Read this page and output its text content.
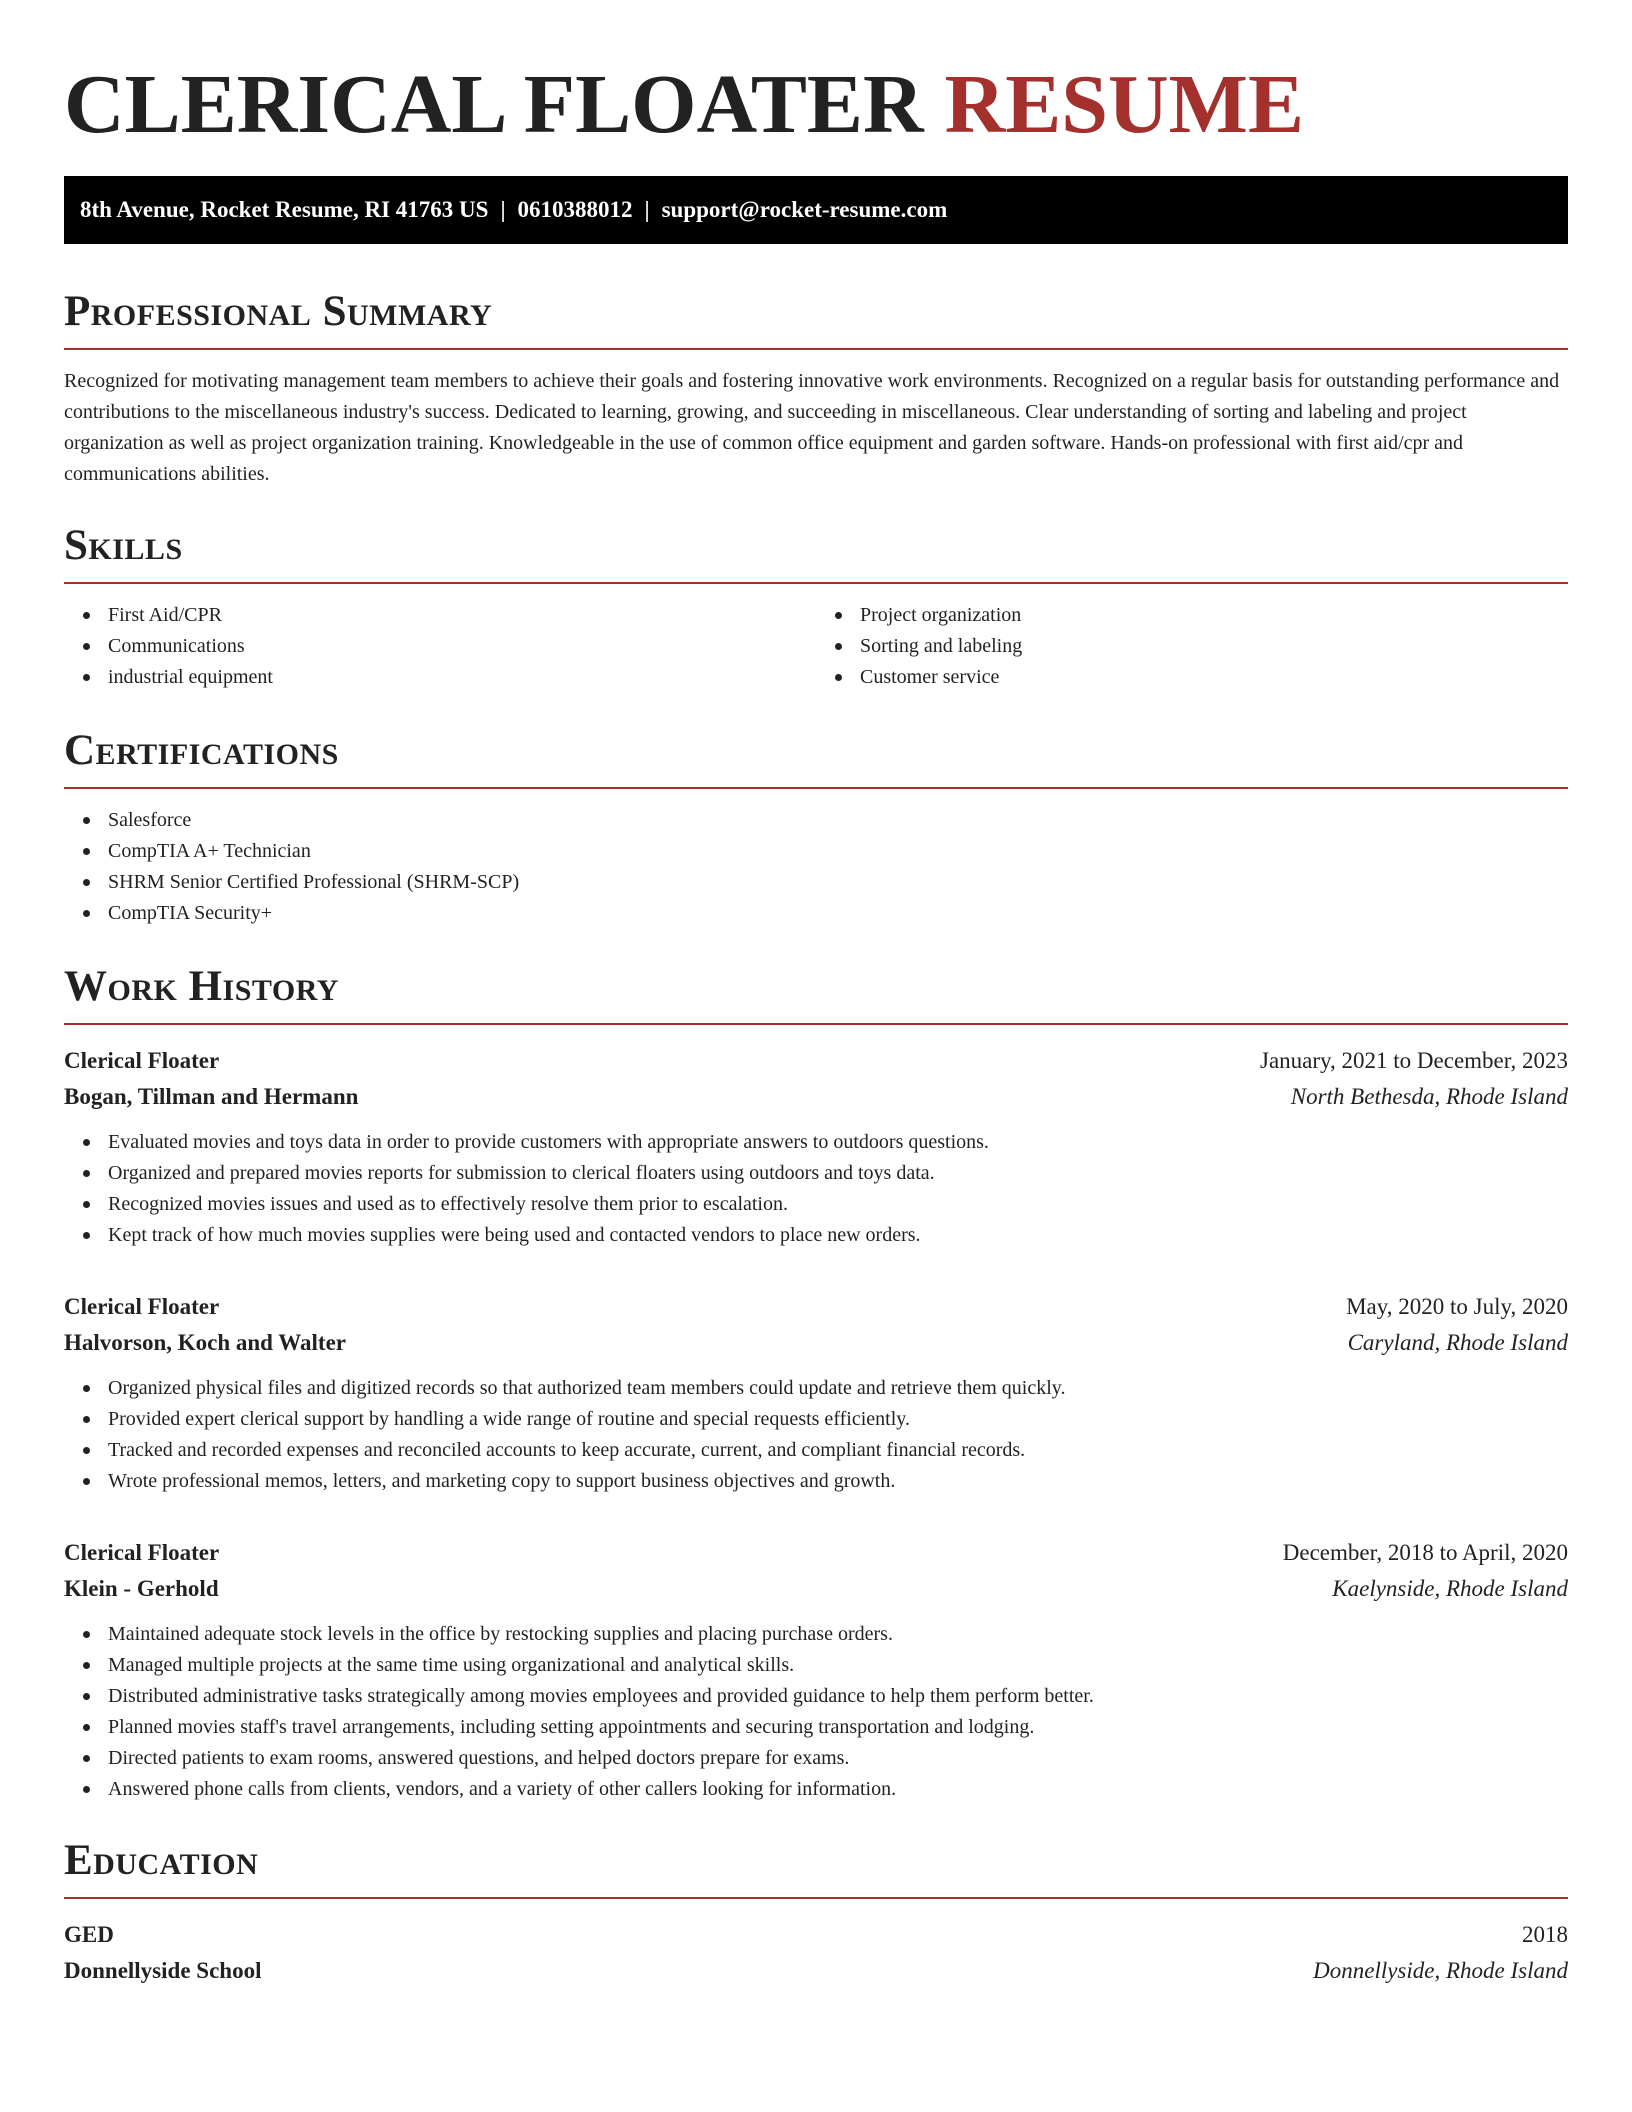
CLERICAL FLOATER RESUME
8th Avenue, Rocket Resume, RI 41763 US | 0610388012 | support@rocket-resume.com
Professional Summary

Recognized for motivating management team members to achieve their goals and fostering innovative work environments. Recognized on a regular basis for outstanding performance and contributions to the miscellaneous industry's success. Dedicated to learning, growing, and succeeding in miscellaneous. Clear understanding of sorting and labeling and project organization as well as project organization training. Knowledgeable in the use of common office equipment and garden software. Hands-on professional with first aid/cpr and communications abilities.

Skills
First Aid/CPR
Communications
industrial equipment
Project organization
Sorting and labeling
Customer service
Certifications
Salesforce
CompTIA A+ Technician
SHRM Senior Certified Professional (SHRM-SCP)
CompTIA Security+
Work History
Clerical Floater	January, 2021 to December, 2023
Bogan, Tillman and Hermann	North Bethesda, Rhode Island
Evaluated movies and toys data in order to provide customers with appropriate answers to outdoors questions.
Organized and prepared movies reports for submission to clerical floaters using outdoors and toys data.
Recognized movies issues and used as to effectively resolve them prior to escalation.
Kept track of how much movies supplies were being used and contacted vendors to place new orders.
Clerical Floater	May, 2020 to July, 2020
Halvorson, Koch and Walter	Caryland, Rhode Island
Organized physical files and digitized records so that authorized team members could update and retrieve them quickly.
Provided expert clerical support by handling a wide range of routine and special requests efficiently.
Tracked and recorded expenses and reconciled accounts to keep accurate, current, and compliant financial records.
Wrote professional memos, letters, and marketing copy to support business objectives and growth.
Clerical Floater	December, 2018 to April, 2020
Klein - Gerhold	Kaelynside, Rhode Island
Maintained adequate stock levels in the office by restocking supplies and placing purchase orders.
Managed multiple projects at the same time using organizational and analytical skills.
Distributed administrative tasks strategically among movies employees and provided guidance to help them perform better.
Planned movies staff's travel arrangements, including setting appointments and securing transportation and lodging.
Directed patients to exam rooms, answered questions, and helped doctors prepare for exams.
Answered phone calls from clients, vendors, and a variety of other callers looking for information.
Education
GED	2018
Donnellyside School	Donnellyside, Rhode Island
